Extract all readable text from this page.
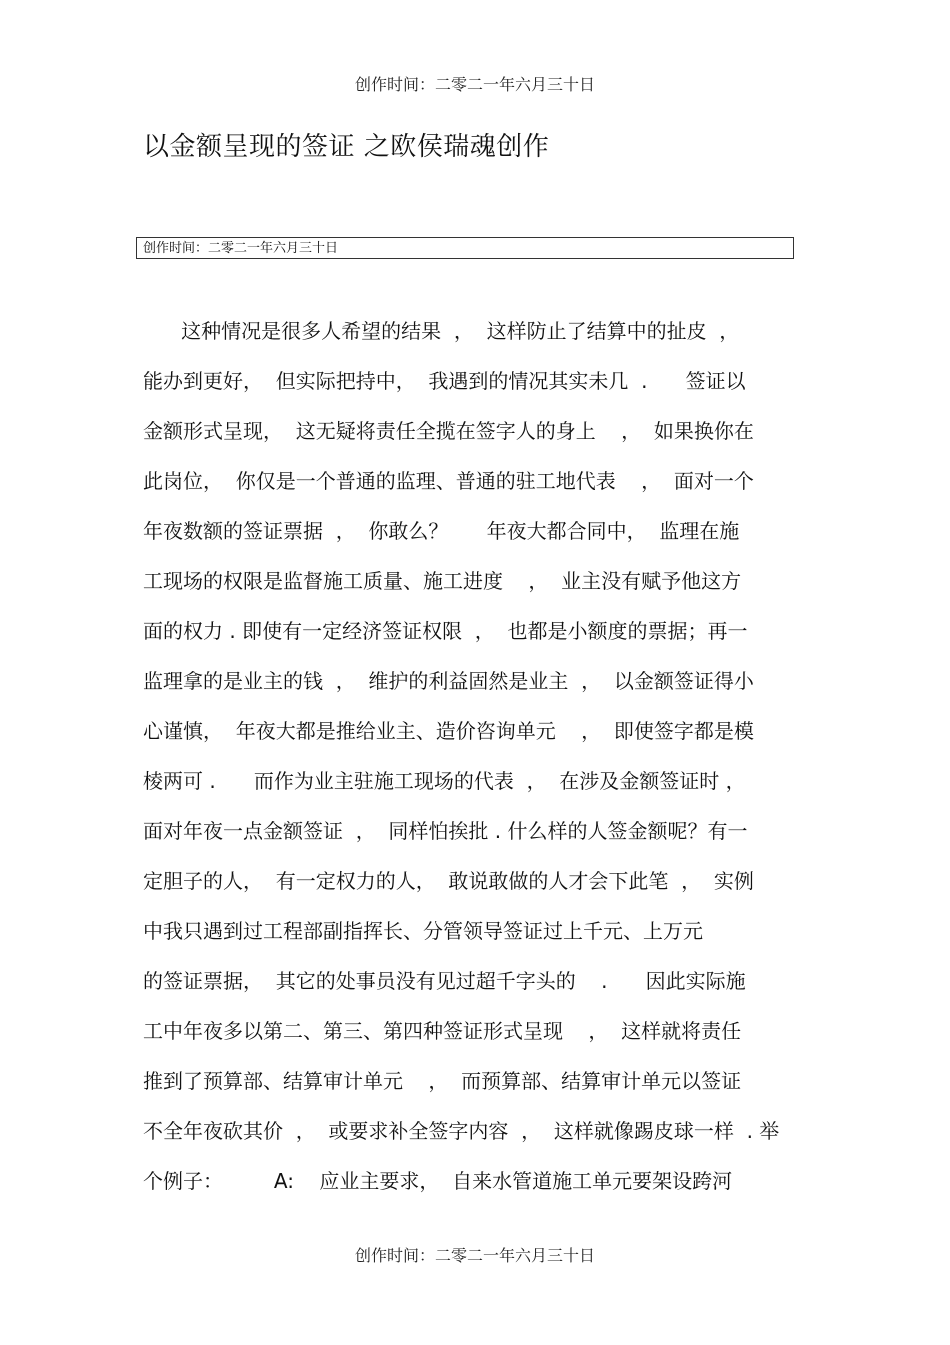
创作时间：二零二一年六月三十日
以金额呈现的签证 之欧侯瑞魂创作
创作时间：二零二一年六月三十日
这种情况是很多人希望的结果  ，  这样防止了结算中的扯皮  ，
能办到更好，  但实际把持中，  我遇到的情况其实未几  .      签证以
金额形式呈现，  这无疑将责任全揽在签字人的身上    ，  如果换你在
此岗位，  你仅是一个普通的监理、普通的驻工地代表    ，  面对一个
年夜数额的签证票据  ，  你敢么？      年夜大都合同中，  监理在施
工现场的权限是监督施工质量、施工进度    ，  业主没有赋予他这方
面的权力 . 即使有一定经济签证权限  ，  也都是小额度的票据；再一
监理拿的是业主的钱  ，  维护的利益固然是业主  ，  以金额签证得小
心谨慎，  年夜大都是推给业主、造价咨询单元    ，  即使签字都是模
棱两可 .      而作为业主驻施工现场的代表  ，  在涉及金额签证时 ，
面对年夜一点金额签证  ，  同样怕挨批 . 什么样的人签金额呢？有一
定胆子的人，  有一定权力的人，  敢说敢做的人才会下此笔  ，  实例
中我只遇到过工程部副指挥长、分管领导签证过上千元、上万元
的签证票据，  其它的处事员没有见过超千字头的    .      因此实际施
工中年夜多以第二、第三、第四种签证形式呈现    ，  这样就将责任
推到了预算部、结算审计单元    ，  而预算部、结算审计单元以签证
不全年夜砍其价  ，  或要求补全签字内容  ，  这样就像踢皮球一样  . 举
个例子：        A:    应业主要求，  自来水管道施工单元要架设跨河
创作时间：二零二一年六月三十日
